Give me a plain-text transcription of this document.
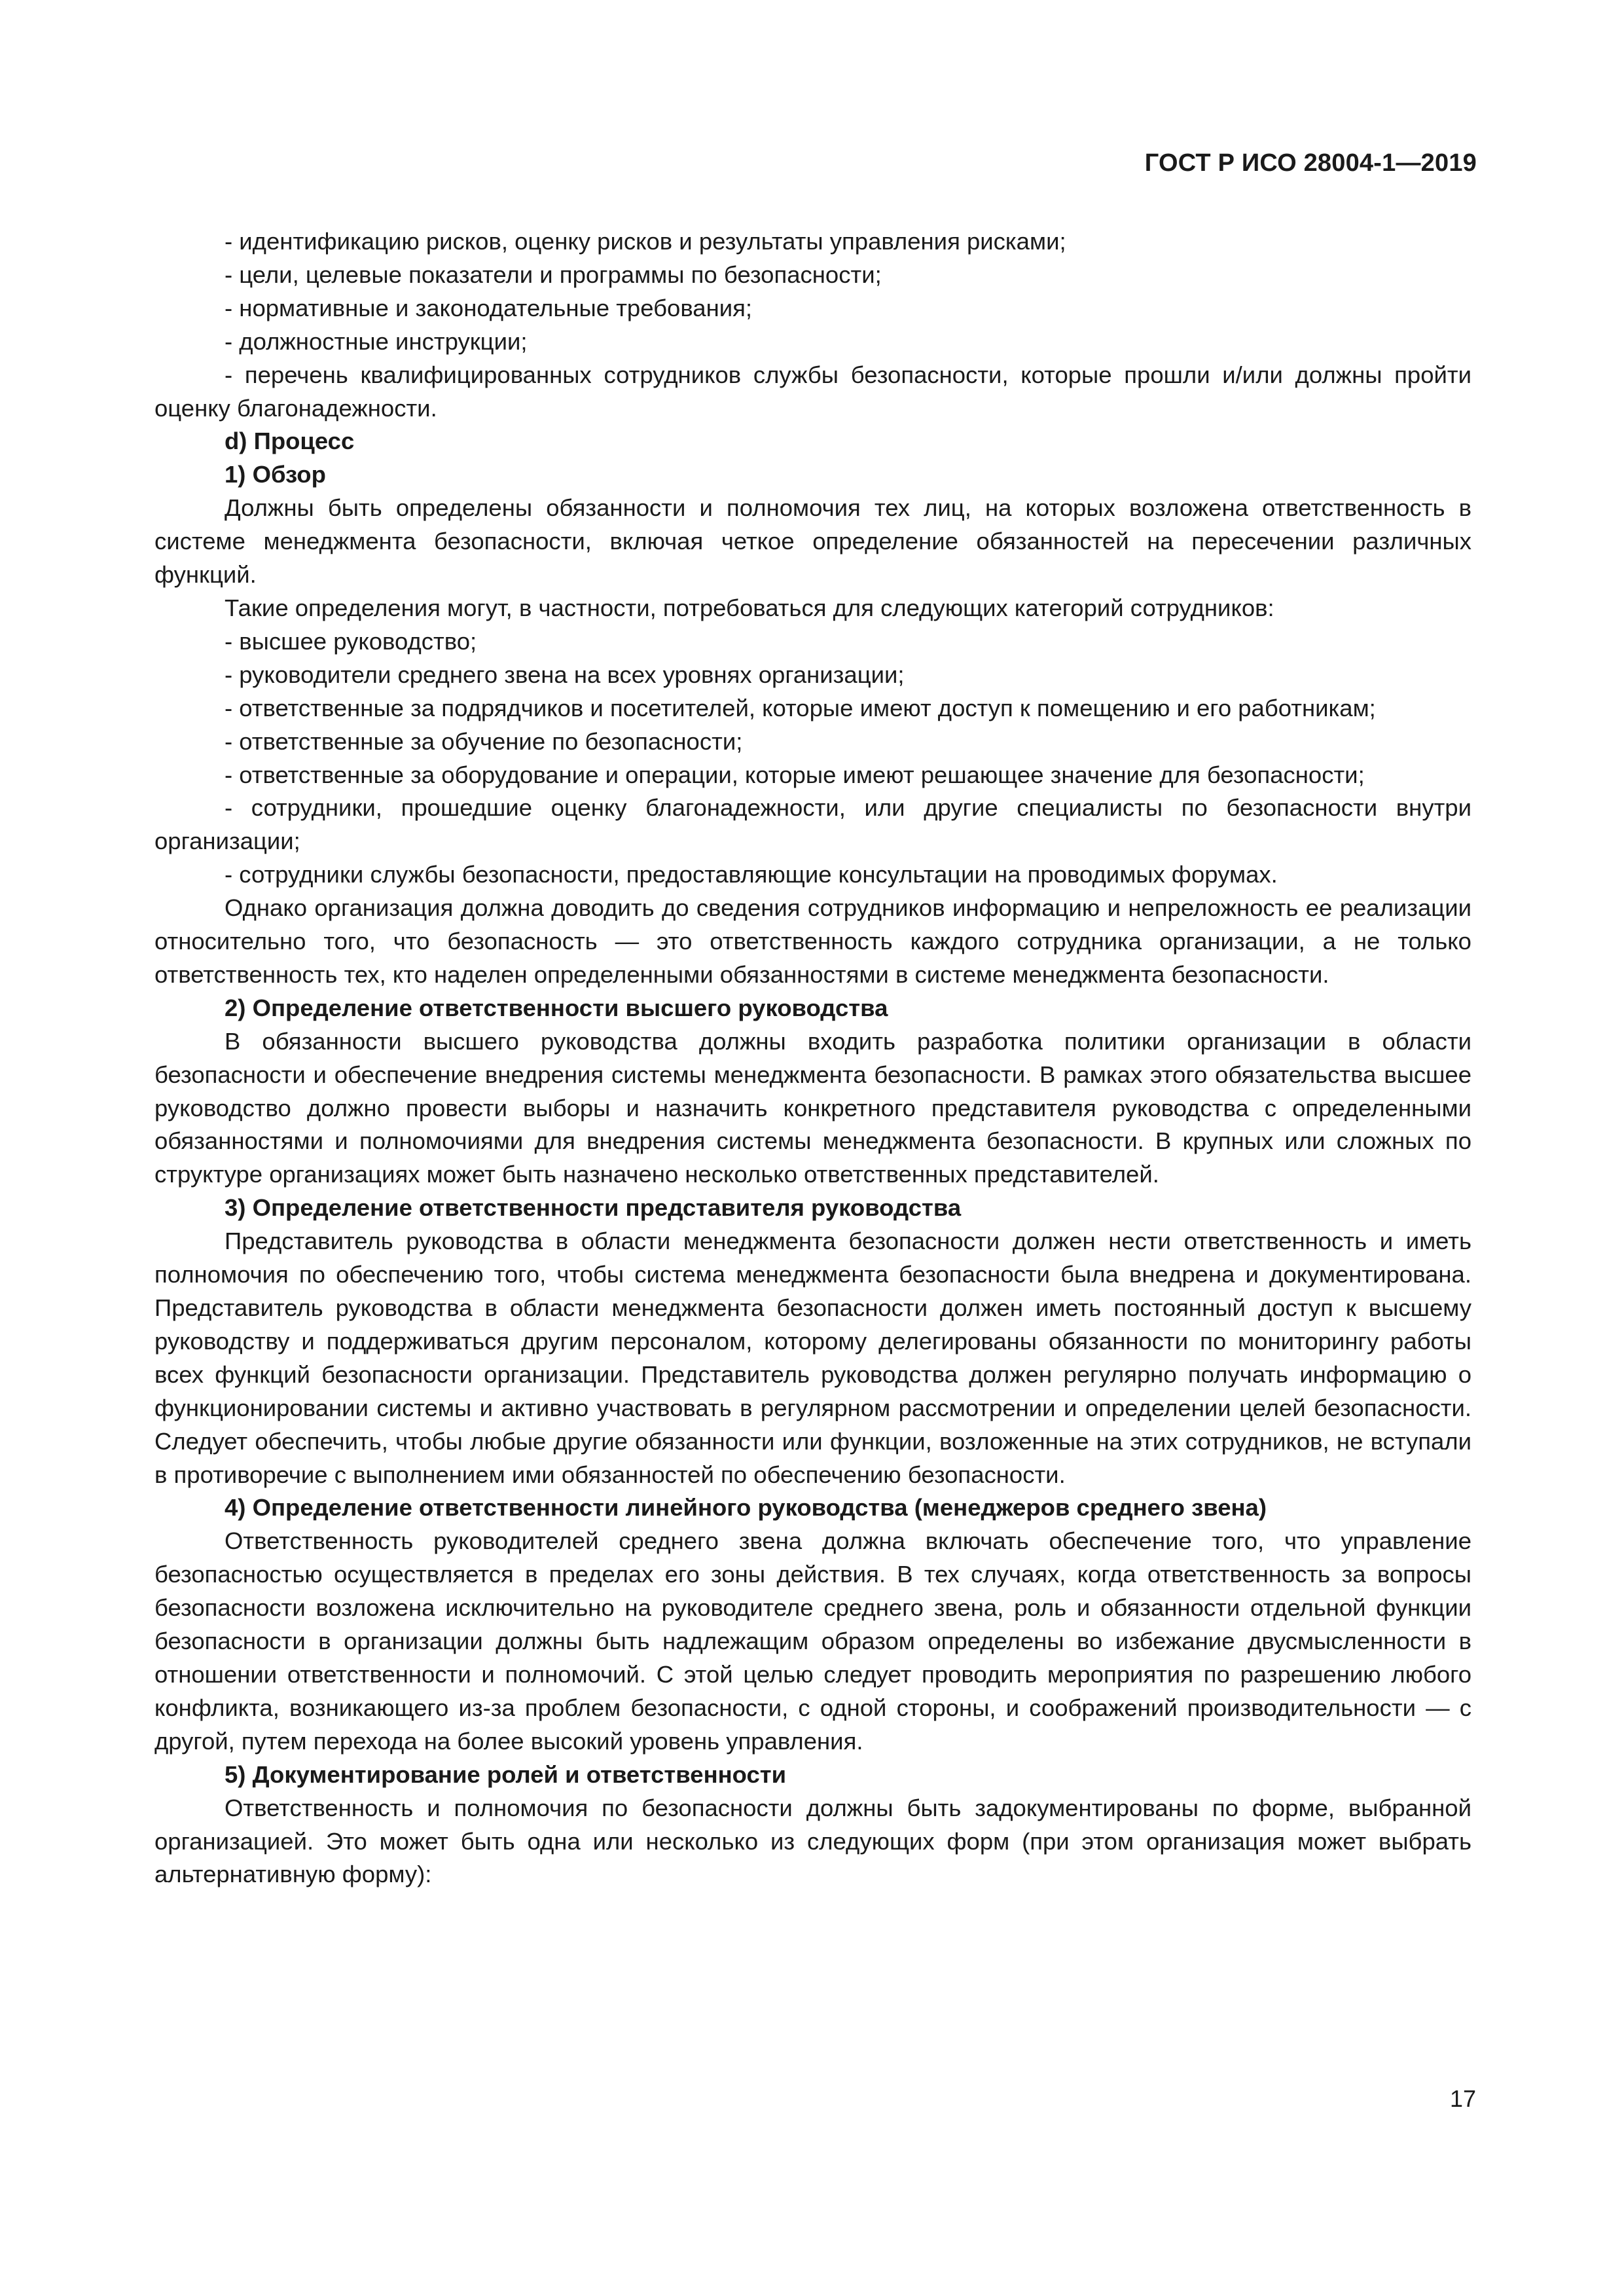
ГОСТ Р ИСО 28004-1—2019

- идентификацию рисков, оценку рисков и результаты управления рисками;

- цели, целевые показатели и программы по безопасности;

- нормативные и законодательные требования;

- должностные инструкции;

- перечень квалифицированных сотрудников службы безопасности, которые прошли и/или должны пройти оценку благонадежности.

d) Процесс

1) Обзор

Должны быть определены обязанности и полномочия тех лиц, на которых возложена ответственность в системе менеджмента безопасности, включая четкое определение обязанностей на пересечении различных функций.

Такие определения могут, в частности, потребоваться для следующих категорий сотрудников:

- высшее руководство;

- руководители среднего звена на всех уровнях организации;

- ответственные за подрядчиков и посетителей, которые имеют доступ к помещению и его работникам;

- ответственные за обучение по безопасности;

- ответственные за оборудование и операции, которые имеют решающее значение для безопасности;

- сотрудники, прошедшие оценку благонадежности, или другие специалисты по безопасности внутри организации;

- сотрудники службы безопасности, предоставляющие консультации на проводимых форумах.

Однако организация должна доводить до сведения сотрудников информацию и непреложность ее реализации относительно того, что безопасность — это ответственность каждого сотрудника организации, а не только ответственность тех, кто наделен определенными обязанностями в системе менеджмента безопасности.

2) Определение ответственности высшего руководства

В обязанности высшего руководства должны входить разработка политики организации в области безопасности и обеспечение внедрения системы менеджмента безопасности. В рамках этого обязательства высшее руководство должно провести выборы и назначить конкретного представителя руководства с определенными обязанностями и полномочиями для внедрения системы менеджмента безопасности. В крупных или сложных по структуре организациях может быть назначено несколько ответственных представителей.

3) Определение ответственности представителя руководства

Представитель руководства в области менеджмента безопасности должен нести ответственность и иметь полномочия по обеспечению того, чтобы система менеджмента безопасности была внедрена и документирована. Представитель руководства в области менеджмента безопасности должен иметь постоянный доступ к высшему руководству и поддерживаться другим персоналом, которому делегированы обязанности по мониторингу работы всех функций безопасности организации. Представитель руководства должен регулярно получать информацию о функционировании системы и активно участвовать в регулярном рассмотрении и определении целей безопасности. Следует обеспечить, чтобы любые другие обязанности или функции, возложенные на этих сотрудников, не вступали в противоречие с выполнением ими обязанностей по обеспечению безопасности.

4) Определение ответственности линейного руководства (менеджеров среднего звена)

Ответственность руководителей среднего звена должна включать обеспечение того, что управление безопасностью осуществляется в пределах его зоны действия. В тех случаях, когда ответственность за вопросы безопасности возложена исключительно на руководителе среднего звена, роль и обязанности отдельной функции безопасности в организации должны быть надлежащим образом определены во избежание двусмысленности в отношении ответственности и полномочий. С этой целью следует проводить мероприятия по разрешению любого конфликта, возникающего из-за проблем безопасности, с одной стороны, и соображений производительности — с другой, путем перехода на более высокий уровень управления.

5) Документирование ролей и ответственности

Ответственность и полномочия по безопасности должны быть задокументированы по форме, выбранной организацией. Это может быть одна или несколько из следующих форм (при этом организация может выбрать альтернативную форму):

17
